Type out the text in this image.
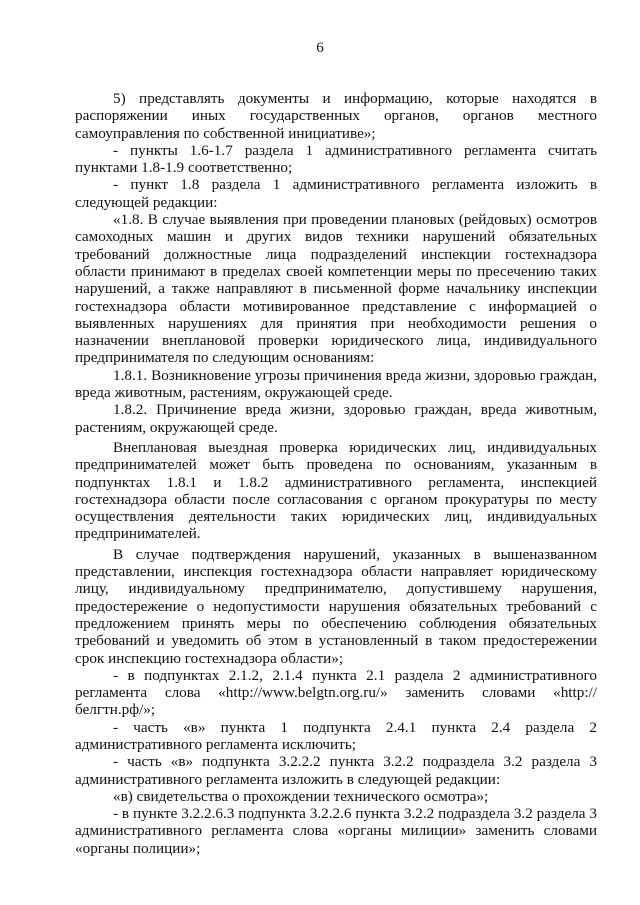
6

5) представлять документы и информацию, которые находятся в распоряжении иных государственных органов, органов местного самоуправления по собственной инициативе»;

- пункты 1.6-1.7 раздела 1 административного регламента считать пунктами 1.8-1.9 соответственно;

- пункт 1.8 раздела 1 административного регламента изложить в следующей редакции:

«1.8. В случае выявления при проведении плановых (рейдовых) осмотров самоходных машин и других видов техники нарушений обязательных требований должностные лица подразделений инспекции гостехнадзора области принимают в пределах своей компетенции меры по пресечению таких нарушений, а также направляют в письменной форме начальнику инспекции гостехнадзора области мотивированное представление с информацией о выявленных нарушениях для принятия при необходимости решения о назначении внеплановой проверки юридического лица, индивидуального предпринимателя по следующим основаниям:

1.8.1. Возникновение угрозы причинения вреда жизни, здоровью граждан, вреда животным, растениям, окружающей среде.

1.8.2. Причинение вреда жизни, здоровью граждан, вреда животным, растениям, окружающей среде.

Внеплановая выездная проверка юридических лиц, индивидуальных предпринимателей может быть проведена по основаниям, указанным в подпунктах 1.8.1 и 1.8.2 административного регламента, инспекцией гостехнадзора области после согласования с органом прокуратуры по месту осуществления деятельности таких юридических лиц, индивидуальных предпринимателей.

В случае подтверждения нарушений, указанных в вышеназванном представлении, инспекция гостехнадзора области направляет юридическому лицу, индивидуальному предпринимателю, допустившему нарушения, предостережение о недопустимости нарушения обязательных требований с предложением принять меры по обеспечению соблюдения обязательных требований и уведомить об этом в установленный в таком предостережении срок инспекцию гостехнадзора области»;

- в подпунктах 2.1.2, 2.1.4 пункта 2.1 раздела 2 административного регламента слова «http://www.belgtn.org.ru/» заменить словами «http://белгтн.рф/»;

- часть «в» пункта 1 подпункта 2.4.1 пункта 2.4 раздела 2 административного регламента исключить;

- часть «в» подпункта 3.2.2.2 пункта 3.2.2 подраздела 3.2 раздела 3 административного регламента изложить в следующей редакции:

«в) свидетельства о прохождении технического осмотра»;

- в пункте 3.2.2.6.3 подпункта 3.2.2.6 пункта 3.2.2 подраздела 3.2 раздела 3 административного регламента слова «органы милиции» заменить словами «органы полиции»;
